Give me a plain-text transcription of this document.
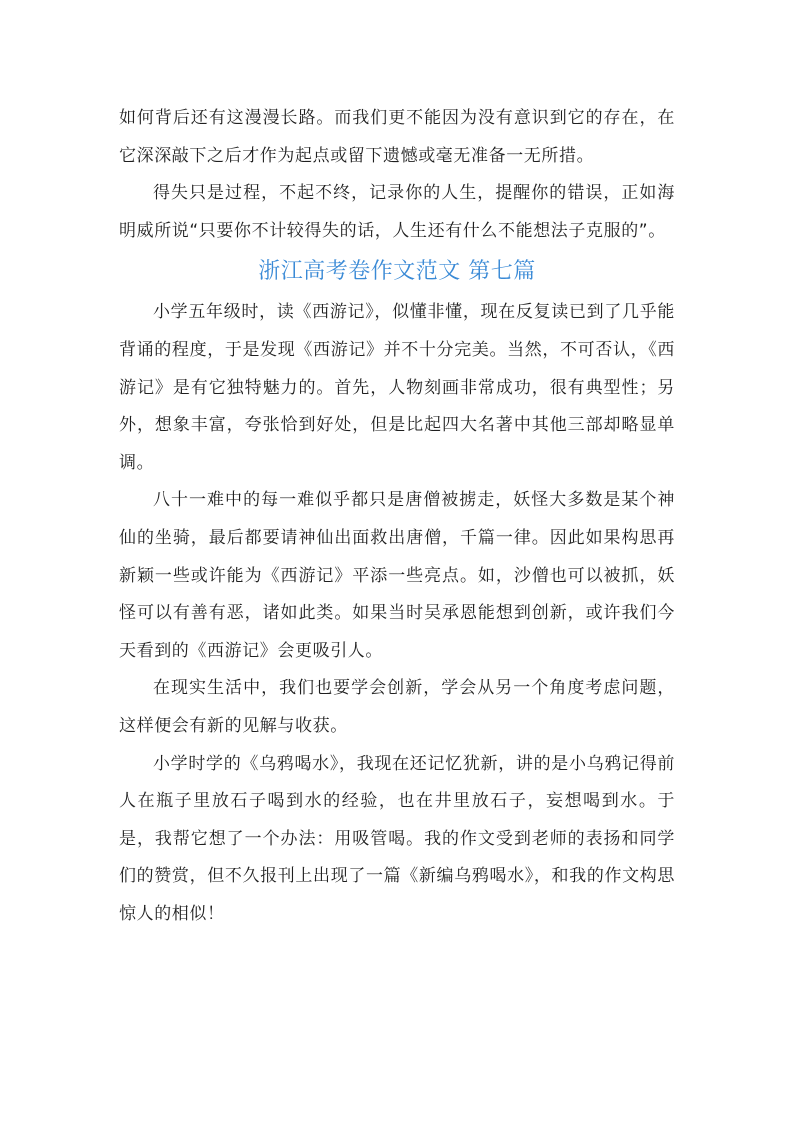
如何背后还有这漫漫长路。而我们更不能因为没有意识到它的存在，在它深深敲下之后才作为起点或留下遗憾或毫无准备一无所措。

得失只是过程，不起不终，记录你的人生，提醒你的错误，正如海明威所说“只要你不计较得失的话，人生还有什么不能想法子克服的”。

浙江高考卷作文范文 第七篇

小学五年级时，读《西游记》，似懂非懂，现在反复读已到了几乎能背诵的程度，于是发现《西游记》并不十分完美。当然，不可否认，《西游记》是有它独特魅力的。首先，人物刻画非常成功，很有典型性；另外，想象丰富，夸张恰到好处，但是比起四大名著中其他三部却略显单调。

八十一难中的每一难似乎都只是唐僧被掳走，妖怪大多数是某个神仙的坐骑，最后都要请神仙出面救出唐僧，千篇一律。因此如果构思再新颖一些或许能为《西游记》平添一些亮点。如，沙僧也可以被抓，妖怪可以有善有恶，诸如此类。如果当时吴承恩能想到创新，或许我们今天看到的《西游记》会更吸引人。

在现实生活中，我们也要学会创新，学会从另一个角度考虑问题，这样便会有新的见解与收获。

小学时学的《乌鸦喝水》，我现在还记忆犹新，讲的是小乌鸦记得前人在瓶子里放石子喝到水的经验，也在井里放石子，妄想喝到水。于是，我帮它想了一个办法：用吸管喝。我的作文受到老师的表扬和同学们的赞赏，但不久报刊上出现了一篇《新编乌鸦喝水》，和我的作文构思惊人的相似！
